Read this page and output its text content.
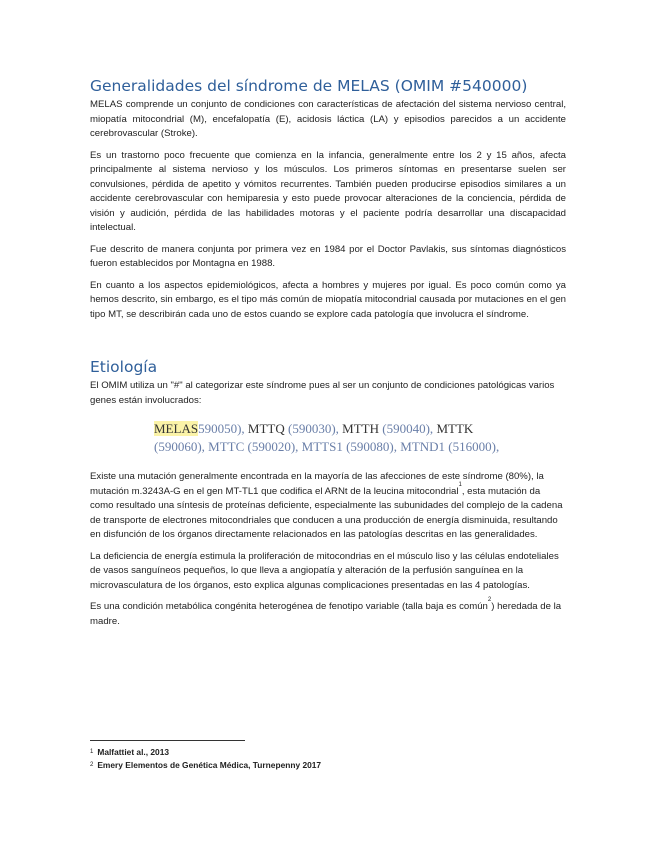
Generalidades del síndrome de MELAS (OMIM #540000)

MELAS comprende un conjunto de condiciones con características de afectación del sistema nervioso central, miopatía mitocondrial (M), encefalopatía (E), acidosis láctica (LA) y episodios parecidos a un accidente cerebrovascular (Stroke).

Es un trastorno poco frecuente que comienza en la infancia, generalmente entre los 2 y 15 años, afecta principalmente al sistema nervioso y los músculos. Los primeros síntomas en presentarse suelen ser convulsiones, pérdida de apetito y vómitos recurrentes. También pueden producirse episodios similares a un accidente cerebrovascular con hemiparesia y esto puede provocar alteraciones de la conciencia, pérdida de visión y audición, pérdida de las habilidades motoras y el paciente podría desarrollar una discapacidad intelectual.

Fue descrito de manera conjunta por primera vez en 1984 por el Doctor Pavlakis, sus síntomas diagnósticos fueron establecidos por Montagna en 1988.

En cuanto a los aspectos epidemiológicos, afecta a hombres y mujeres por igual. Es poco común como ya hemos descrito, sin embargo, es el tipo más común de miopatía mitocondrial causada por mutaciones en el gen tipo MT, se describirán cada uno de estos cuando se explore cada patología que involucra el síndrome.

Etiología

El OMIM utiliza un "#" al categorizar este síndrome pues al ser un conjunto de condiciones patológicas varios genes están involucrados:

MELAS590050), MTTQ (590030), MTTH (590040), MTTK
(590060), MTTC (590020), MTTS1 (590080), MTND1 (516000),

Existe una mutación generalmente encontrada en la mayoría de las afecciones de este síndrome (80%), la mutación m.3243A-G en el gen MT-TL1 que codifica el ARNt de la leucina mitocondrial$^1$, esta mutación da como resultado una síntesis de proteínas deficiente, especialmente las subunidades del complejo de la cadena de transporte de electrones mitocondriales que conducen a una producción de energía disminuida, resultando en disfunción de los órganos directamente relacionados en las patologías descritas en las generalidades.

La deficiencia de energía estimula la proliferación de mitocondrias en el músculo liso y las células endoteliales de vasos sanguíneos pequeños, lo que lleva a angiopatía y alteración de la perfusión sanguínea en la microvasculatura de los órganos, esto explica algunas complicaciones presentadas en las 4 patologías.

Es una condición metabólica congénita heterogénea de fenotipo variable (talla baja es común$^2$) heredada de la madre.

$^1$ Malfattiet al., 2013
$^2$ Emery Elementos de Genética Médica, Turnepenny 2017
